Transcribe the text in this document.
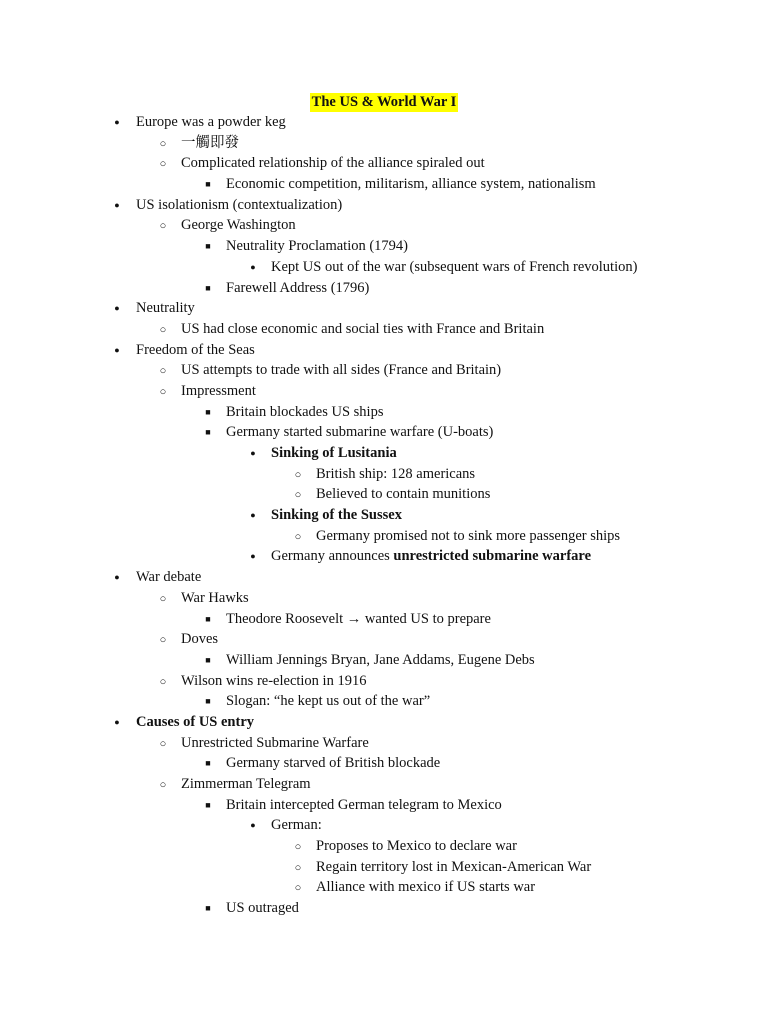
The US & World War I
●
Europe was a powder keg
○
一觸即發
○
Complicated relationship of the alliance spiraled out
■
Economic competition, militarism, alliance system, nationalism
●
US isolationism (contextualization)
○
George Washington
■
Neutrality Proclamation (1794)
●
Kept US out of the war (subsequent wars of French revolution)
■
Farewell Address (1796)
●
Neutrality
○
US had close economic and social ties with France and Britain
●
Freedom of the Seas
○
US attempts to trade with all sides (France and Britain)
○
Impressment
■
Britain blockades US ships
■
Germany started submarine warfare (U-boats)
●
Sinking of Lusitania
○
British ship: 128 americans
○
Believed to contain munitions
●
Sinking of the Sussex
○
Germany promised not to sink more passenger ships
●
Germany announces unrestricted submarine warfare
●
War debate
○
War Hawks
■
Theodore Roosevelt → wanted US to prepare
○
Doves
■
William Jennings Bryan, Jane Addams, Eugene Debs
○
Wilson wins re-election in 1916
■
Slogan: “he kept us out of the war”
●
Causes of US entry
○
Unrestricted Submarine Warfare
■
Germany starved of British blockade
○
Zimmerman Telegram
■
Britain intercepted German telegram to Mexico
●
German:
○
Proposes to Mexico to declare war
○
Regain territory lost in Mexican-American War
○
Alliance with mexico if US starts war
■
US outraged
